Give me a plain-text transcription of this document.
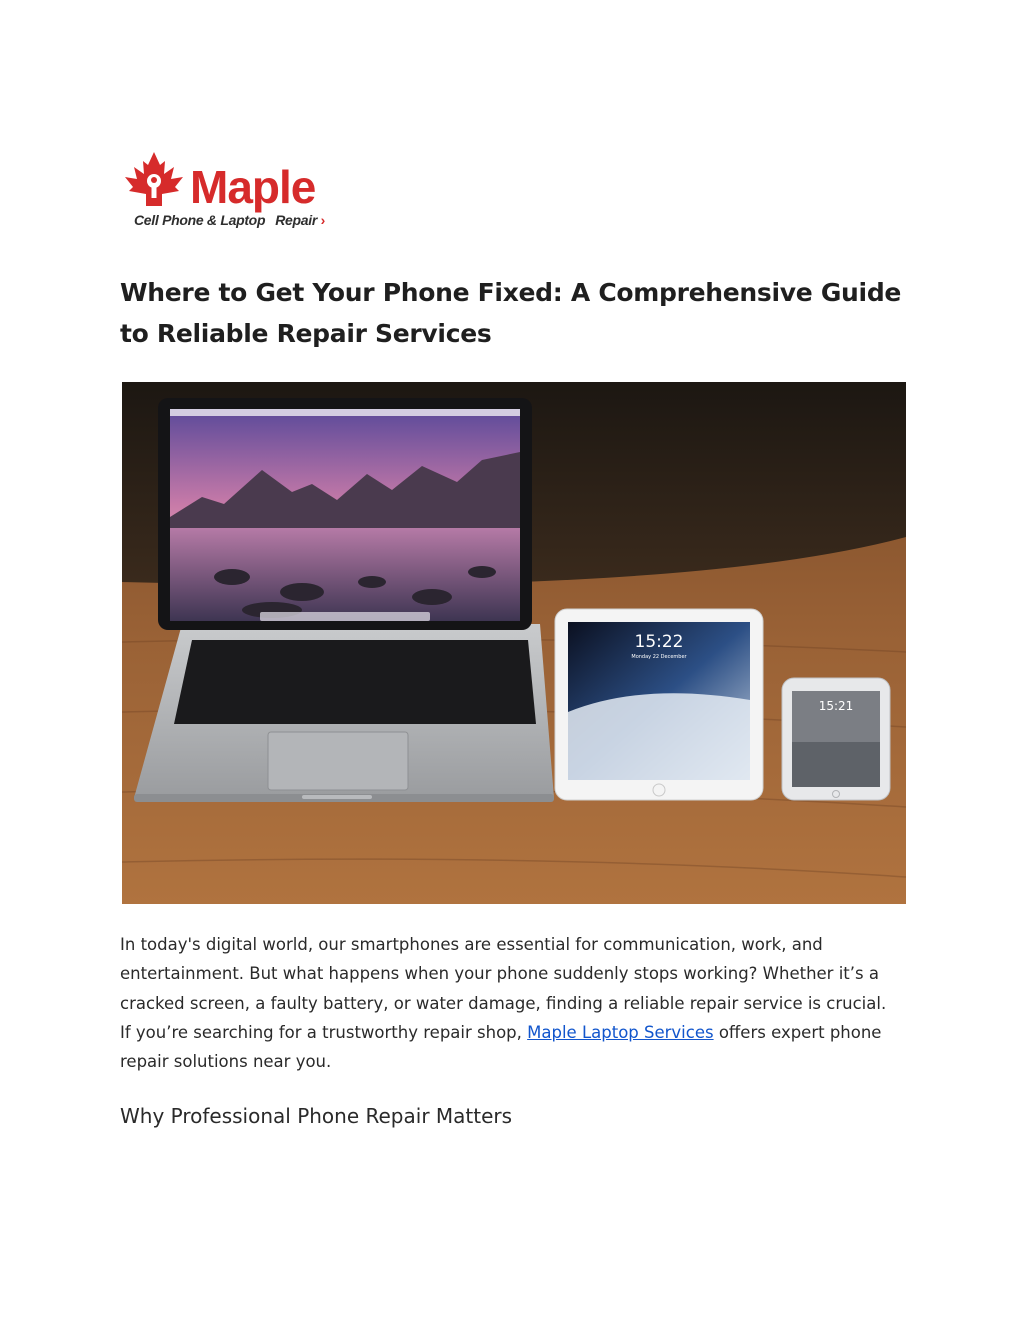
Maple
Cell Phone & Laptop Repair ›
Where to Get Your Phone Fixed: A Comprehensive Guide to Reliable Repair Services
15:22
Monday 22 December
15:21

In today's digital world, our smartphones are essential for communication, work, and entertainment. But what happens when your phone suddenly stops working? Whether it’s a cracked screen, a faulty battery, or water damage, finding a reliable repair service is crucial. If you’re searching for a trustworthy repair shop, Maple Laptop Services offers expert phone repair solutions near you.

Why Professional Phone Repair Matters
